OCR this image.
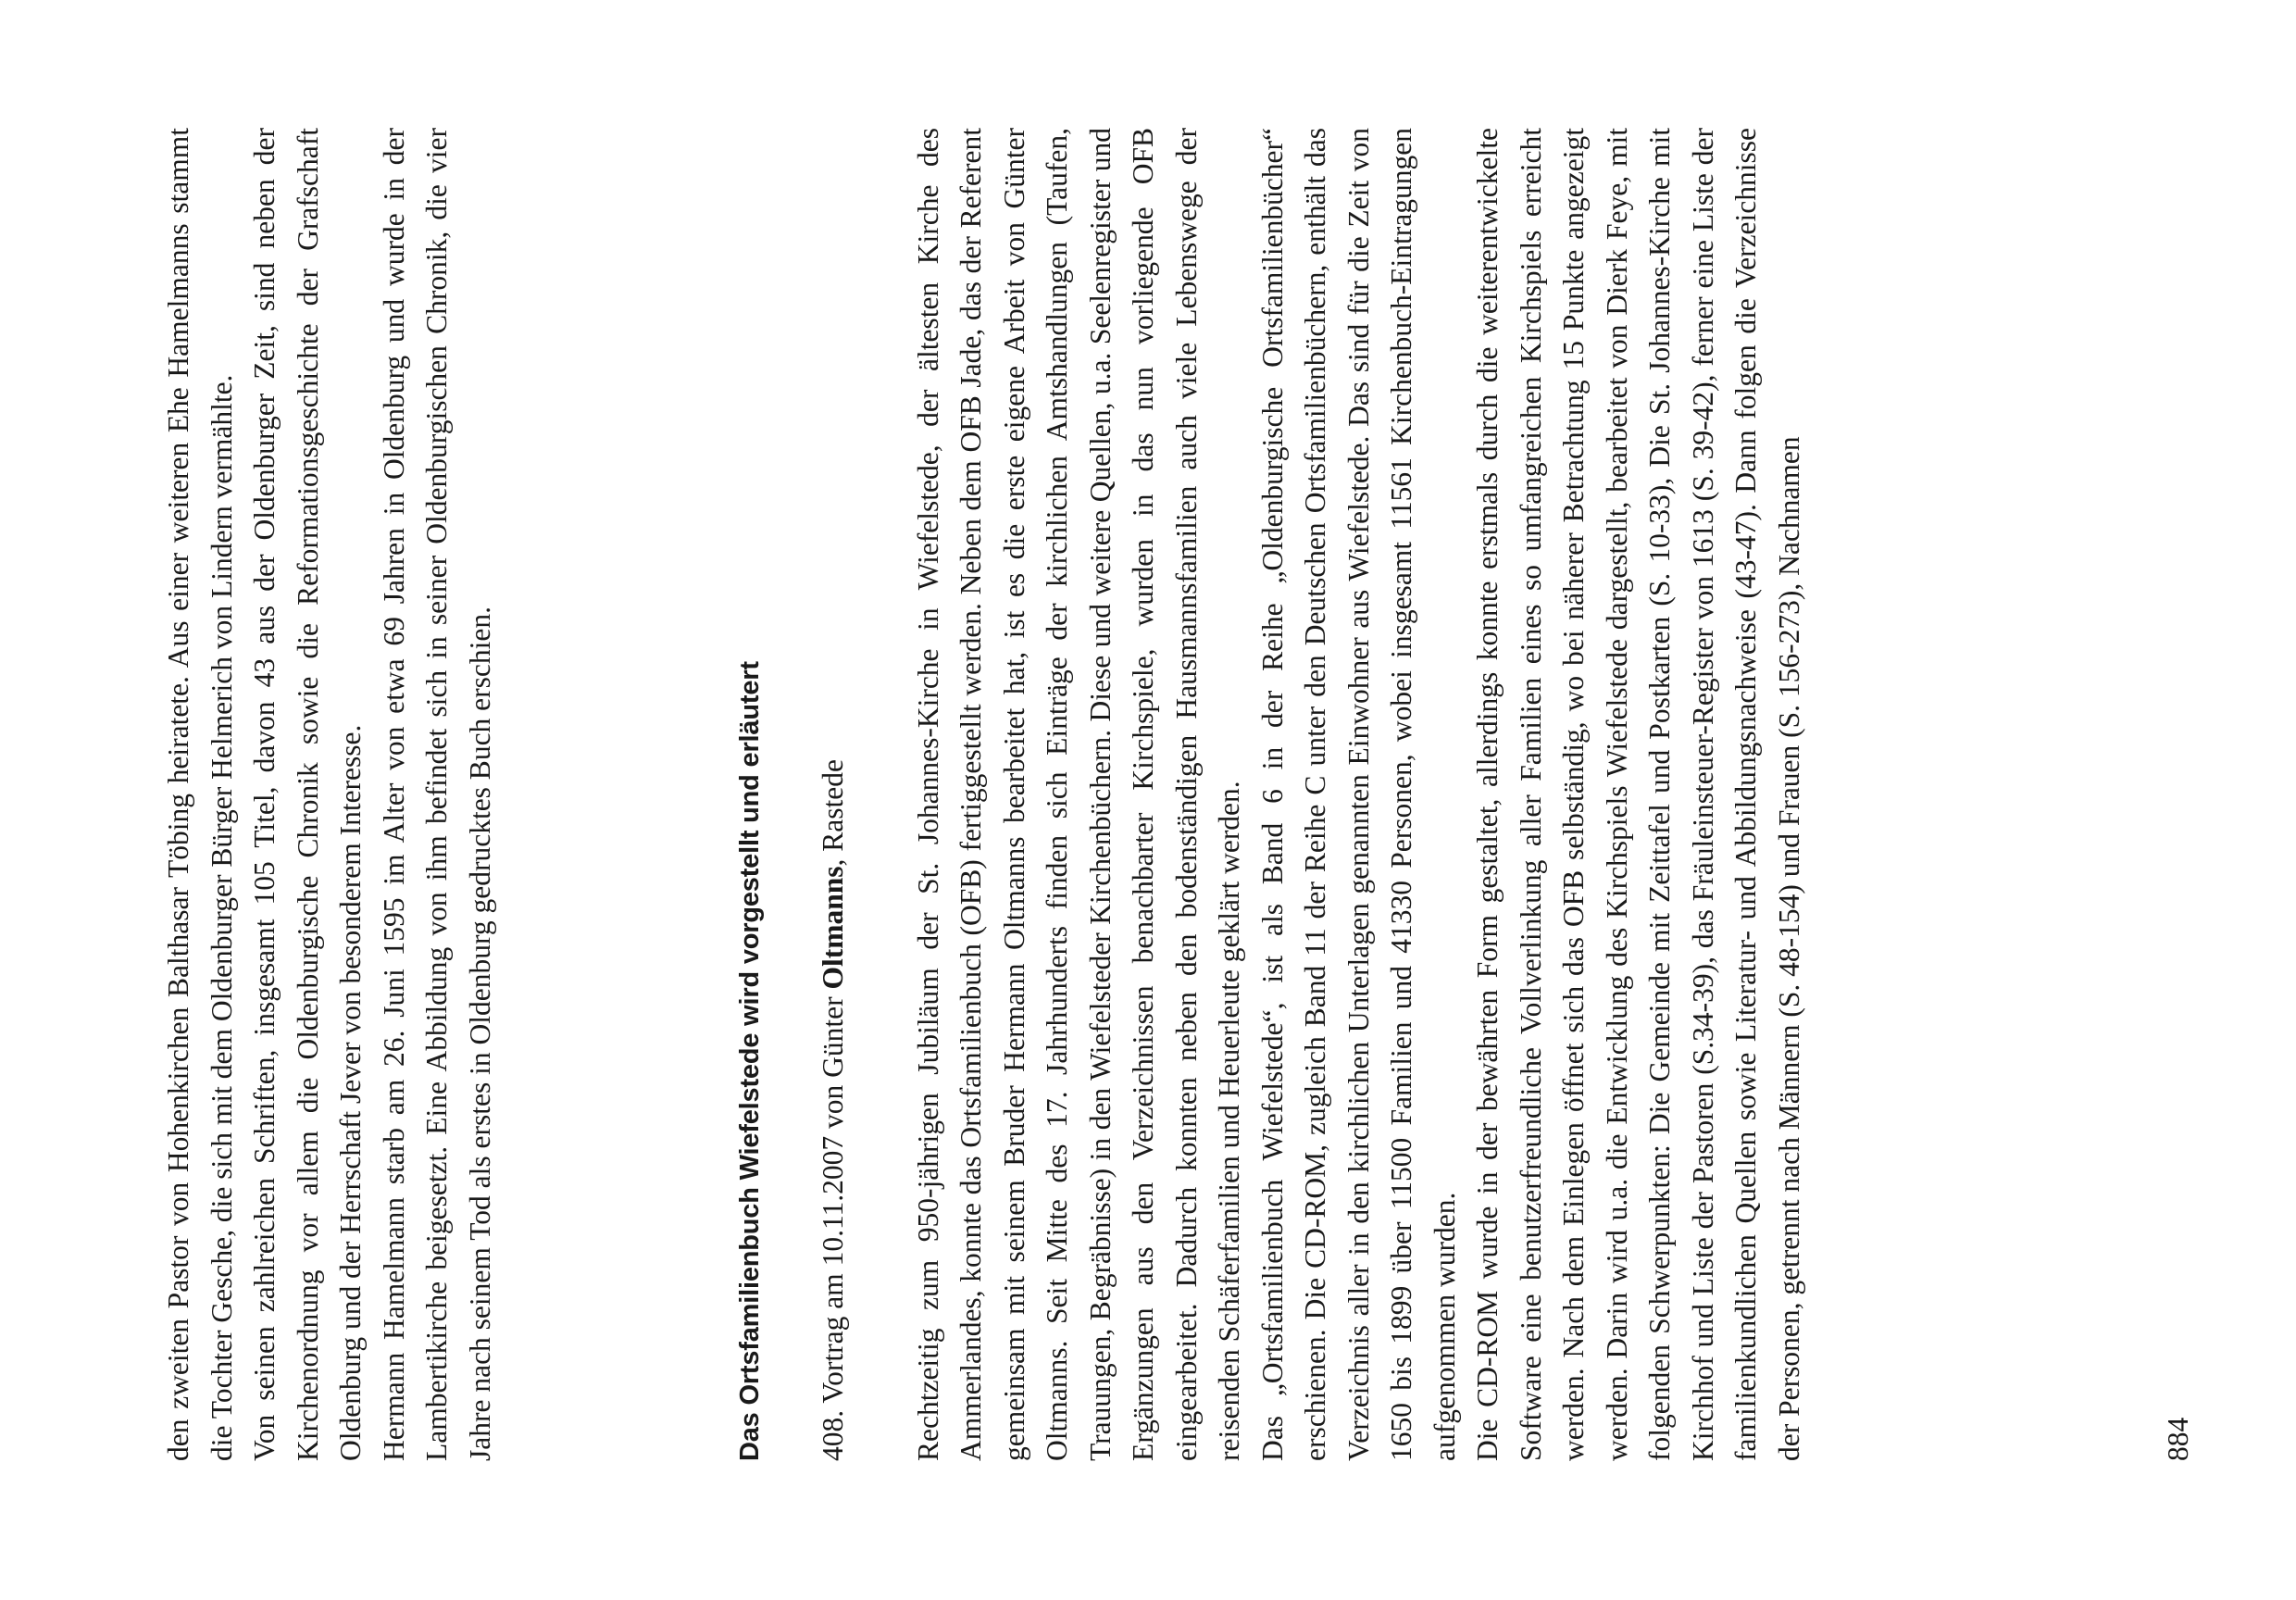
den zweiten Pastor von Hohenkirchen Balthasar Töbing heiratete. Aus einer weiteren Ehe Hamelmanns stammt die Tochter Gesche, die sich mit dem Oldenburger Bürger Helmerich von Lindern vermählte. Von seinen zahlreichen Schriften, insgesamt 105 Titel, davon 43 aus der Oldenburger Zeit, sind neben der Kirchenordnung vor allem die Oldenburgische Chronik sowie die Reformationsgeschichte der Grafschaft Oldenburg und der Herrschaft Jever von besonderem Interesse. Hermann Hamelmann starb am 26. Juni 1595 im Alter von etwa 69 Jahren in Oldenburg und wurde in der Lambertikirche beigesetzt. Eine Abbildung von ihm befindet sich in seiner Oldenburgischen Chronik, die vier Jahre nach seinem Tod als erstes in Oldenburg gedrucktes Buch erschien.	Das Ortsfamilienbuch Wiefelstede wird vorgestellt und erläutert 408. Vortrag am 10.11.2007 von Günter Oltmanns, Rastede Rechtzeitig zum 950-jährigen Jubiläum der St. Johannes-Kirche in Wiefelstede, der ältesten Kirche des Ammerlandes, konnte das Ortsfamilienbuch (OFB) fertiggestellt werden. Neben dem OFB Jade, das der Referent gemeinsam mit seinem Bruder Hermann Oltmanns bearbeitet hat, ist es die erste eigene Arbeit von Günter Oltmanns. Seit Mitte des 17. Jahrhunderts finden sich Einträge der kirchlichen Amtshandlungen (Taufen, Trauungen, Begräbnisse) in den Wiefelsteder Kirchenbüchern. Diese und weitere Quellen, u.a. Seelenregister und Ergänzungen aus den Verzeichnissen benachbarter Kirchspiele, wurden in das nun vorliegende OFB eingearbeitet. Dadurch konnten neben den bodenständigen Hausmannsfamilien auch viele Lebenswege der reisenden Schäferfamilien und Heuerleute geklärt werden. Das „Ortsfamilienbuch Wiefelstede“, ist als Band 6 in der Reihe „Oldenburgische Ortsfamilienbücher“ erschienen. Die CD-ROM, zugleich Band 11 der Reihe C unter den Deutschen Ortsfamilienbüchern, enthält das Verzeichnis aller in den kirchlichen Unterlagen genannten Einwohner aus Wiefelstede. Das sind für die Zeit von 1650 bis 1899 über 11500 Familien und 41330 Personen, wobei insgesamt 11561 Kirchenbuch-Eintragungen aufgenommen wurden. Die CD-ROM wurde in der bewährten Form gestaltet, allerdings konnte erstmals durch die weiterentwickelte Software eine benutzerfreundliche Vollverlinkung aller Familien eines so umfangreichen Kirchspiels erreicht werden. Nach dem Einlegen öffnet sich das OFB selbständig, wo bei näherer Betrachtung 15 Punkte angezeigt werden. Darin wird u.a. die Entwicklung des Kirchspiels Wiefelstede dargestellt, bearbeitet von Dierk Feye, mit folgenden Schwerpunkten: Die Gemeinde mit Zeittafel und Postkarten (S. 10-33), Die St. Johannes-Kirche mit Kirchhof und Liste der Pastoren (S.34-39), das Fräuleinsteuer-Register von 1613 (S. 39-42), ferner eine Liste der familienkundlichen Quellen sowie Literatur- und Abbildungsnachweise (43-47). Dann folgen die Verzeichnisse der Personen, getrennt nach Männern (S. 48-154) und Frauen (S. 156-273), Nachnamen	884
